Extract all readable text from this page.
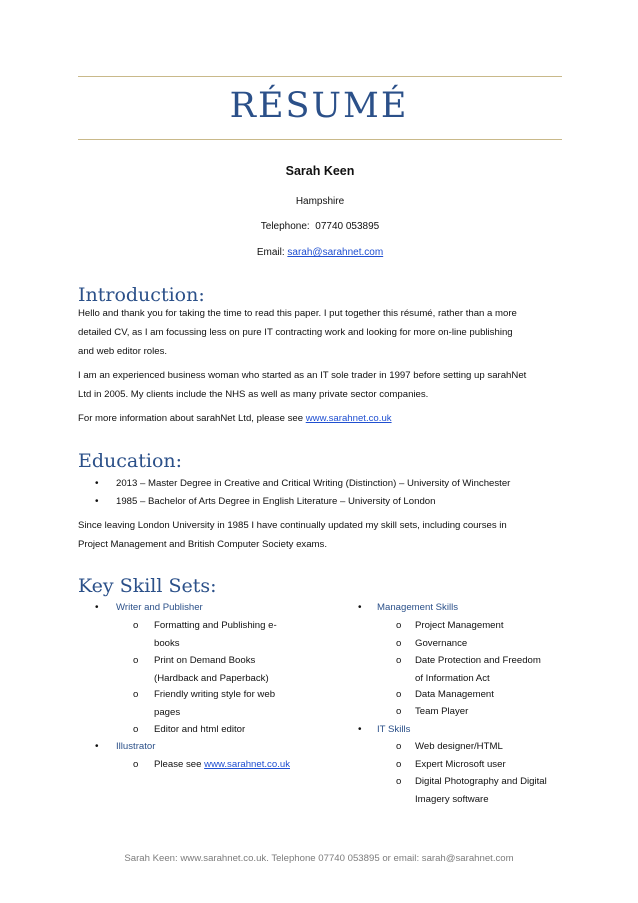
RÉSUMÉ
Sarah Keen
Hampshire
Telephone: 07740 053895
Email: sarah@sarahnet.com
Introduction:
Hello and thank you for taking the time to read this paper. I put together this résumé, rather than a more
detailed CV, as I am focussing less on pure IT contracting work and looking for more on-line publishing
and web editor roles.
I am an experienced business woman who started as an IT sole trader in 1997 before setting up sarahNet
Ltd in 2005. My clients include the NHS as well as many private sector companies.
For more information about sarahNet Ltd, please see www.sarahnet.co.uk
Education:
• 2013 – Master Degree in Creative and Critical Writing (Distinction) – University of Winchester
• 1985 – Bachelor of Arts Degree in English Literature – University of London
Since leaving London University in 1985 I have continually updated my skill sets, including courses in
Project Management and British Computer Society exams.
Key Skill Sets:
• Writer and Publisher
o Formatting and Publishing e-
books
o Print on Demand Books
(Hardback and Paperback)
o Friendly writing style for web
pages
o Editor and html editor
• Illustrator
o Please see www.sarahnet.co.uk
• Management Skills
o Project Management
o Governance
o Date Protection and Freedom
of Information Act
o Data Management
o Team Player
• IT Skills
o Web designer/HTML
o Expert Microsoft user
o Digital Photography and Digital
Imagery software
Sarah Keen: www.sarahnet.co.uk. Telephone 07740 053895 or email: sarah@sarahnet.com
